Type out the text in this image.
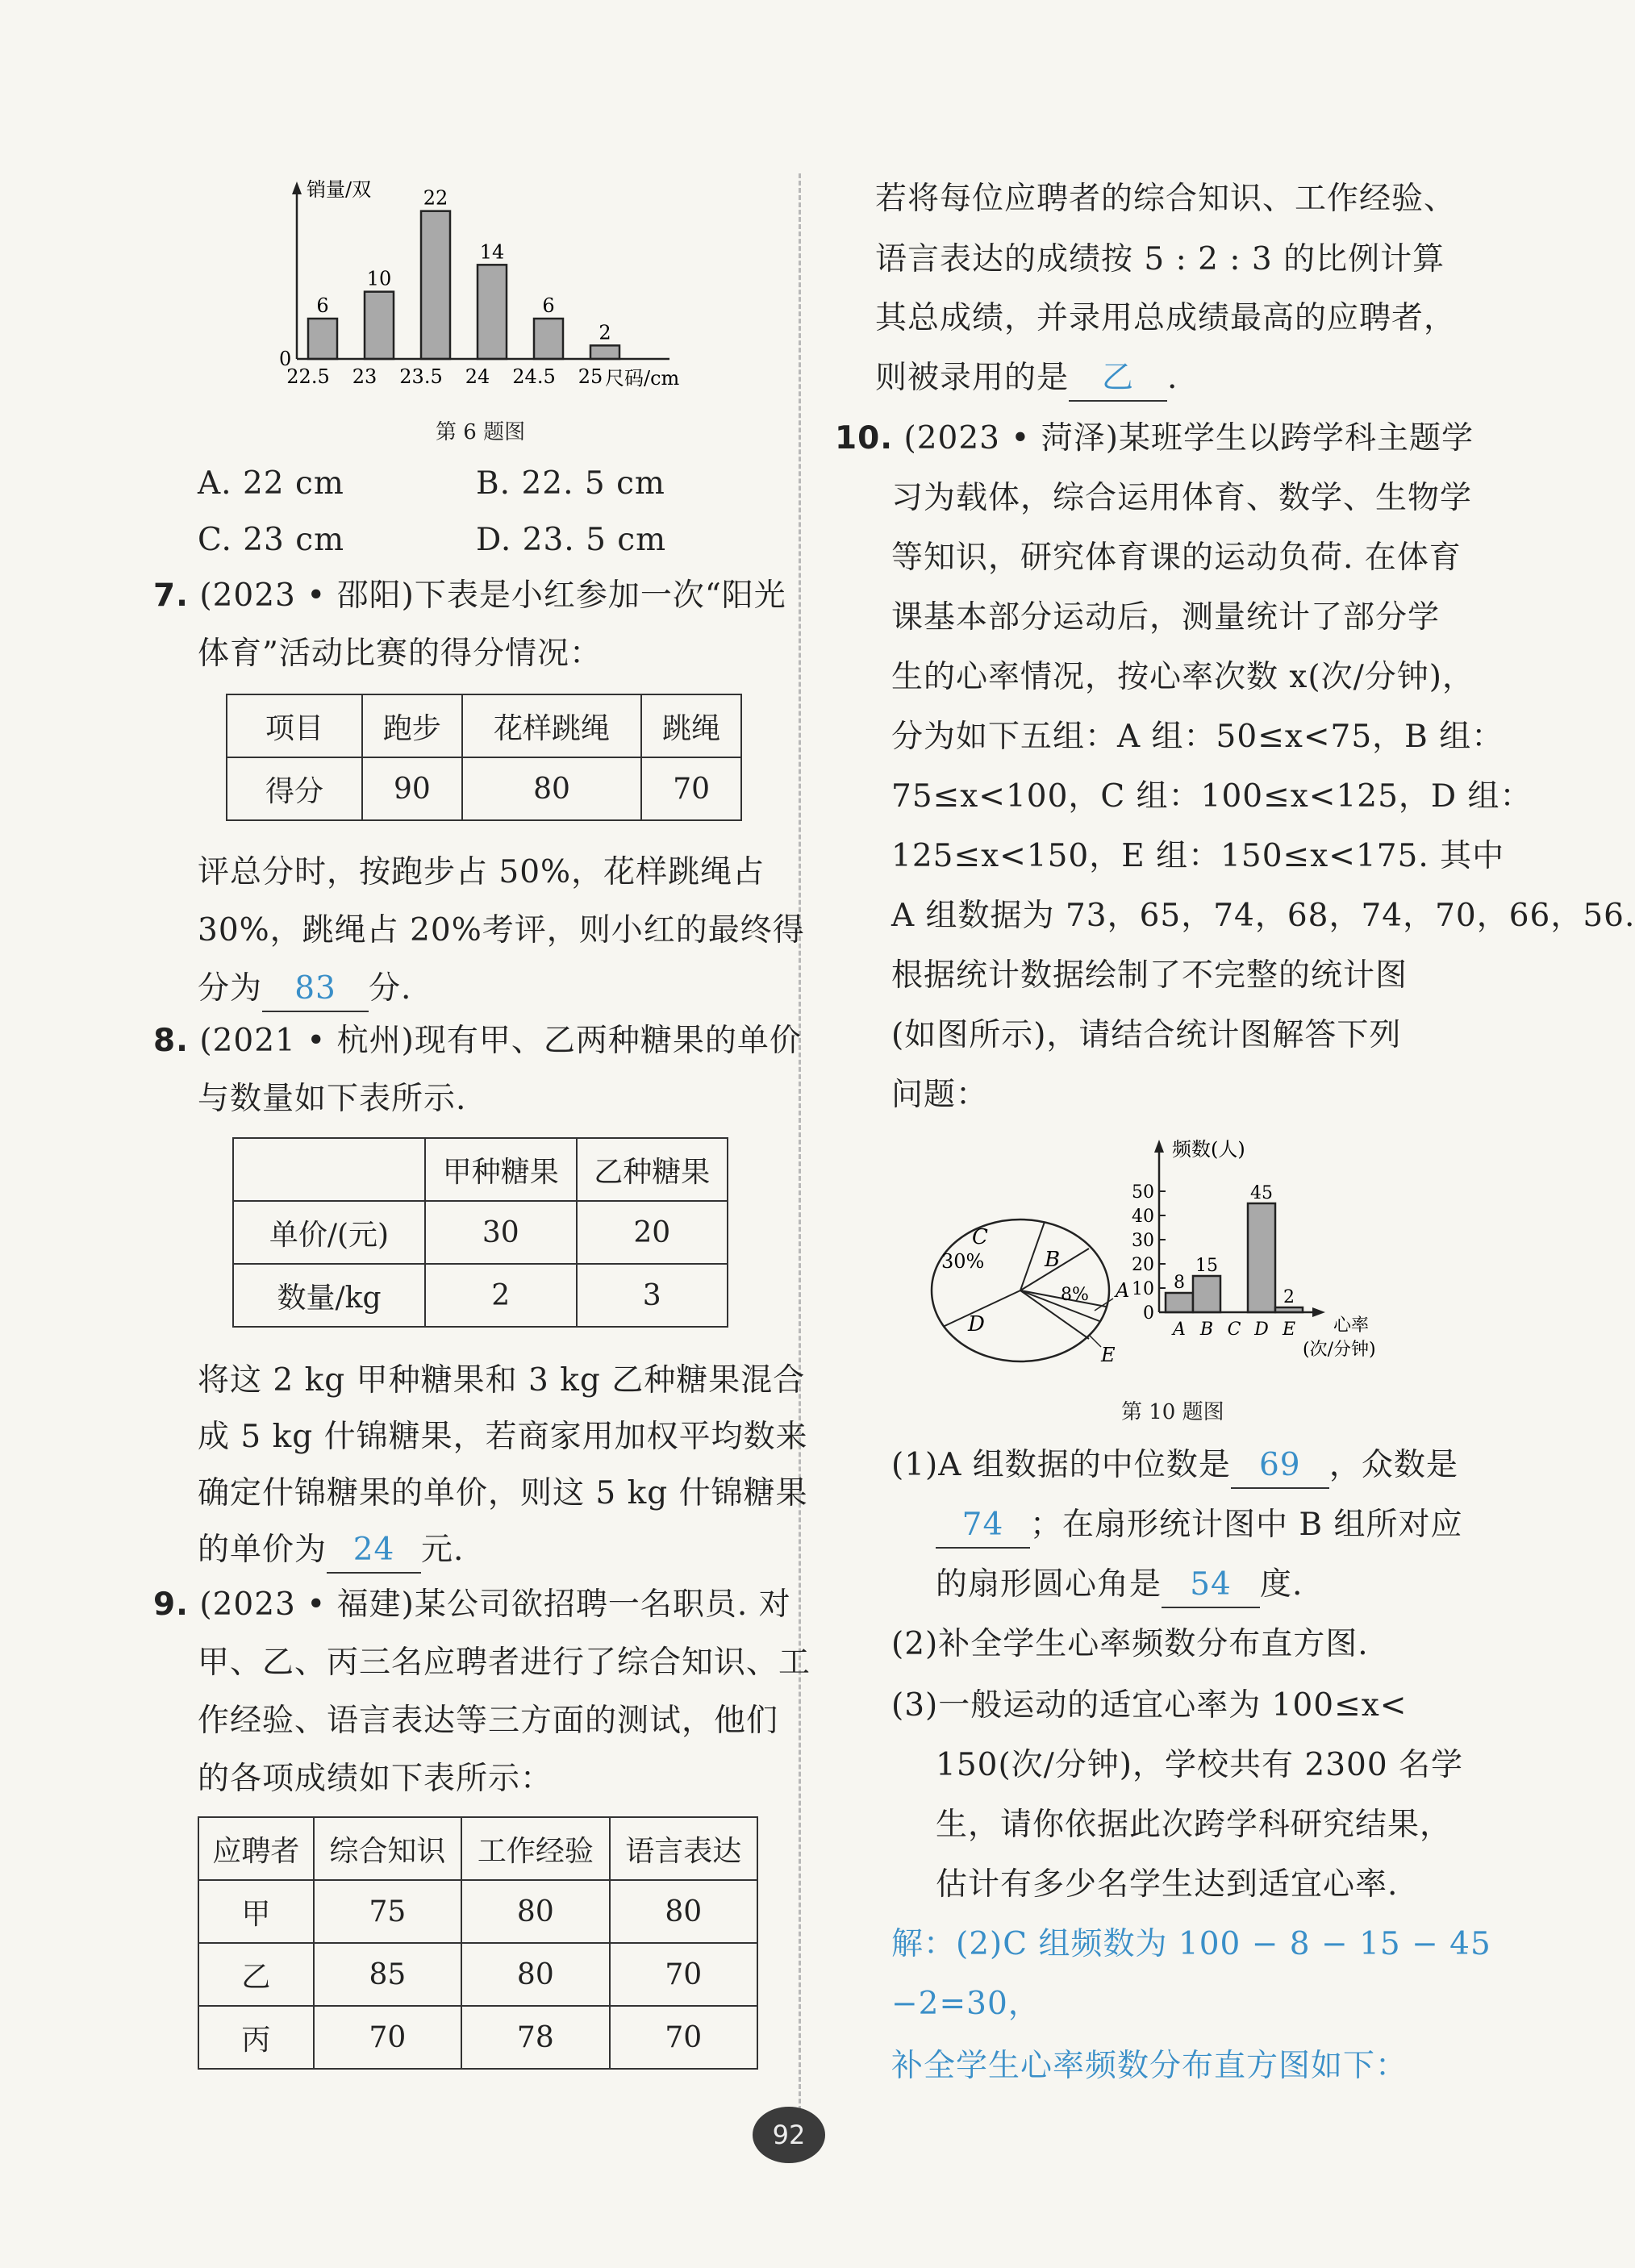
6
22.5
10
23
22
23.5
14
24
6
24.5
2
25
销量/双
0
尺码/cm
第 6 题图
A. 22 cm	B. 22. 5 cm
C. 23 cm	D. 23. 5 cm
7. (2023 • 邵阳)下表是小红参加一次“阳光
体育”活动比赛的得分情况：
项目	跑步	花样跳绳	跳绳
得分	90	80	70
评总分时，按跑步占 50%，花样跳绳占
30%，跳绳占 20%考评，则小红的最终得
分为 83 分.
8. (2021 • 杭州)现有甲、乙两种糖果的单价
与数量如下表所示.
	甲种糖果	乙种糖果
单价/(元)	30	20
数量/kg	2	3
将这 2 kg 甲种糖果和 3 kg 乙种糖果混合
成 5 kg 什锦糖果，若商家用加权平均数来
确定什锦糖果的单价，则这 5 kg 什锦糖果
的单价为 24 元.
9. (2023 • 福建)某公司欲招聘一名职员. 对
甲、乙、丙三名应聘者进行了综合知识、工
作经验、语言表达等三方面的测试，他们
的各项成绩如下表所示：
应聘者	综合知识	工作经验	语言表达
甲	75	80	80
乙	85	80	70
丙	70	78	70
若将每位应聘者的综合知识、工作经验、
语言表达的成绩按 5 : 2 : 3 的比例计算
其总成绩，并录用总成绩最高的应聘者，
则被录用的是 乙 .
10. (2023 • 菏泽)某班学生以跨学科主题学
习为载体，综合运用体育、数学、生物学
等知识，研究体育课的运动负荷. 在体育
课基本部分运动后，测量统计了部分学
生的心率情况，按心率次数 x(次/分钟)，
分为如下五组：A 组：50≤x<75，B 组：
75≤x<100，C 组：100≤x<125，D 组：
125≤x<150，E 组：150≤x<175. 其中
A 组数据为 73，65，74，68，74，70，66，56.
根据统计数据绘制了不完整的统计图
(如图所示)，请结合统计图解答下列
问题：
C
30%	B
8% A
D
E
0
10
20
30
40
50
8
A
15
B C
45
D
2
E
频数(人)
心率
(次/分钟)
第 10 题图
(1)A 组数据的中位数是 69 ，众数是
74 ；在扇形统计图中 B 组所对应
的扇形圆心角是 54 度.
(2)补全学生心率频数分布直方图.
(3)一般运动的适宜心率为 100≤x<
150(次/分钟)，学校共有 2300 名学
生，请你依据此次跨学科研究结果，
估计有多少名学生达到适宜心率.
解：(2)C 组频数为 100 − 8 − 15 − 45
−2=30，
补全学生心率频数分布直方图如下：
92
